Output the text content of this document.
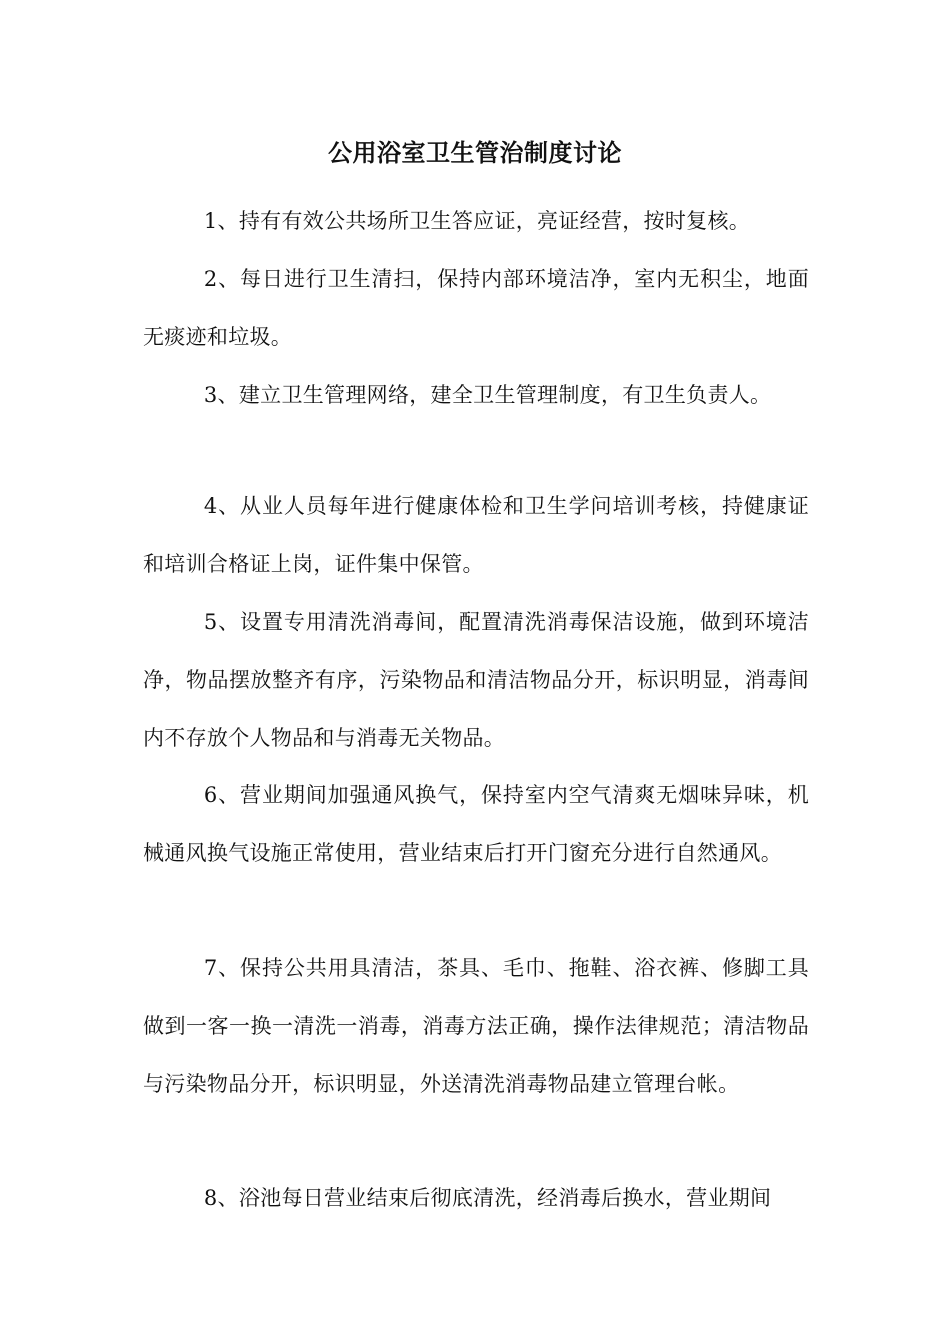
公用浴室卫生管治制度讨论
1、持有有效公共场所卫生答应证，亮证经营，按时复核。
2、每日进行卫生清扫，保持内部环境洁净，室内无积尘，地面无痰迹和垃圾。
3、建立卫生管理网络，建全卫生管理制度，有卫生负责人。
4、从业人员每年进行健康体检和卫生学问培训考核，持健康证和培训合格证上岗，证件集中保管。
5、设置专用清洗消毒间，配置清洗消毒保洁设施，做到环境洁净，物品摆放整齐有序，污染物品和清洁物品分开，标识明显，消毒间内不存放个人物品和与消毒无关物品。
6、营业期间加强通风换气，保持室内空气清爽无烟味异味，机械通风换气设施正常使用，营业结束后打开门窗充分进行自然通风。
7、保持公共用具清洁，茶具、毛巾、拖鞋、浴衣裤、修脚工具做到一客一换一清洗一消毒，消毒方法正确，操作法律规范；清洁物品与污染物品分开，标识明显，外送清洗消毒物品建立管理台帐。
8、浴池每日营业结束后彻底清洗，经消毒后换水，营业期间
